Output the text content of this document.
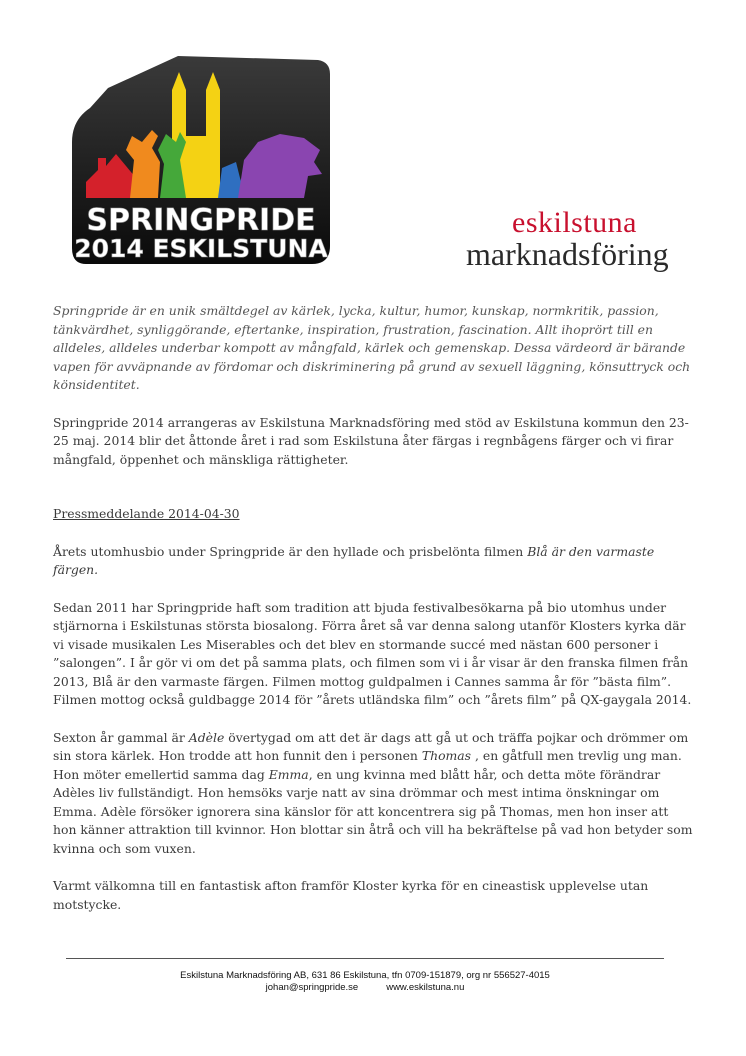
SPRINGPRIDE
2014 ESKILSTUNA
eskilstuna
marknadsföring

Springpride är en unik smältdegel av kärlek, lycka, kultur, humor, kunskap, normkritik, passion, tänkvärdhet, synliggörande, eftertanke, inspiration, frustration, fascination. Allt ihoprört till en alldeles, alldeles underbar kompott av mångfald, kärlek och gemenskap. Dessa värdeord är bärande vapen för avväpnande av fördomar och diskriminering på grund av sexuell läggning, könsuttryck och könsidentitet.

Springpride 2014 arrangeras av Eskilstuna Marknadsföring med stöd av Eskilstuna kommun den 23-25 maj. 2014 blir det åttonde året i rad som Eskilstuna åter färgas i regnbågens färger och vi firar mångfald, öppenhet och mänskliga rättigheter.

Pressmeddelande 2014-04-30

Årets utomhusbio under Springpride är den hyllade och prisbelönta filmen Blå är den varmaste färgen.

Sedan 2011 har Springpride haft som tradition att bjuda festivalbesökarna på bio utomhus under stjärnorna i Eskilstunas största biosalong. Förra året så var denna salong utanför Klosters kyrka där vi visade musikalen Les Miserables och det blev en stormande succé med nästan 600 personer i ”salongen”. I år gör vi om det på samma plats, och filmen som vi i år visar är den franska filmen från 2013, Blå är den varmaste färgen. Filmen mottog guldpalmen i Cannes samma år för ”bästa film”. Filmen mottog också guldbagge 2014 för ”årets utländska film” och ”årets film” på QX-gaygala 2014.

Sexton år gammal är Adèle övertygad om att det är dags att gå ut och träffa pojkar och drömmer om sin stora kärlek. Hon trodde att hon funnit den i personen Thomas , en gåtfull men trevlig ung man. Hon möter emellertid samma dag Emma, en ung kvinna med blått hår, och detta möte förändrar Adèles liv fullständigt. Hon hemsöks varje natt av sina drömmar och mest intima önskningar om Emma. Adèle försöker ignorera sina känslor för att koncentrera sig på Thomas, men hon inser att hon känner attraktion till kvinnor. Hon blottar sin åtrå och vill ha bekräftelse på vad hon betyder som kvinna och som vuxen.

Varmt välkomna till en fantastisk afton framför Kloster kyrka för en cineastisk upplevelse utan motstycke.

Eskilstuna Marknadsföring AB, 631 86 Eskilstuna, tfn 0709-151879, org nr 556527-4015
johan@springpride.se	www.eskilstuna.nu
